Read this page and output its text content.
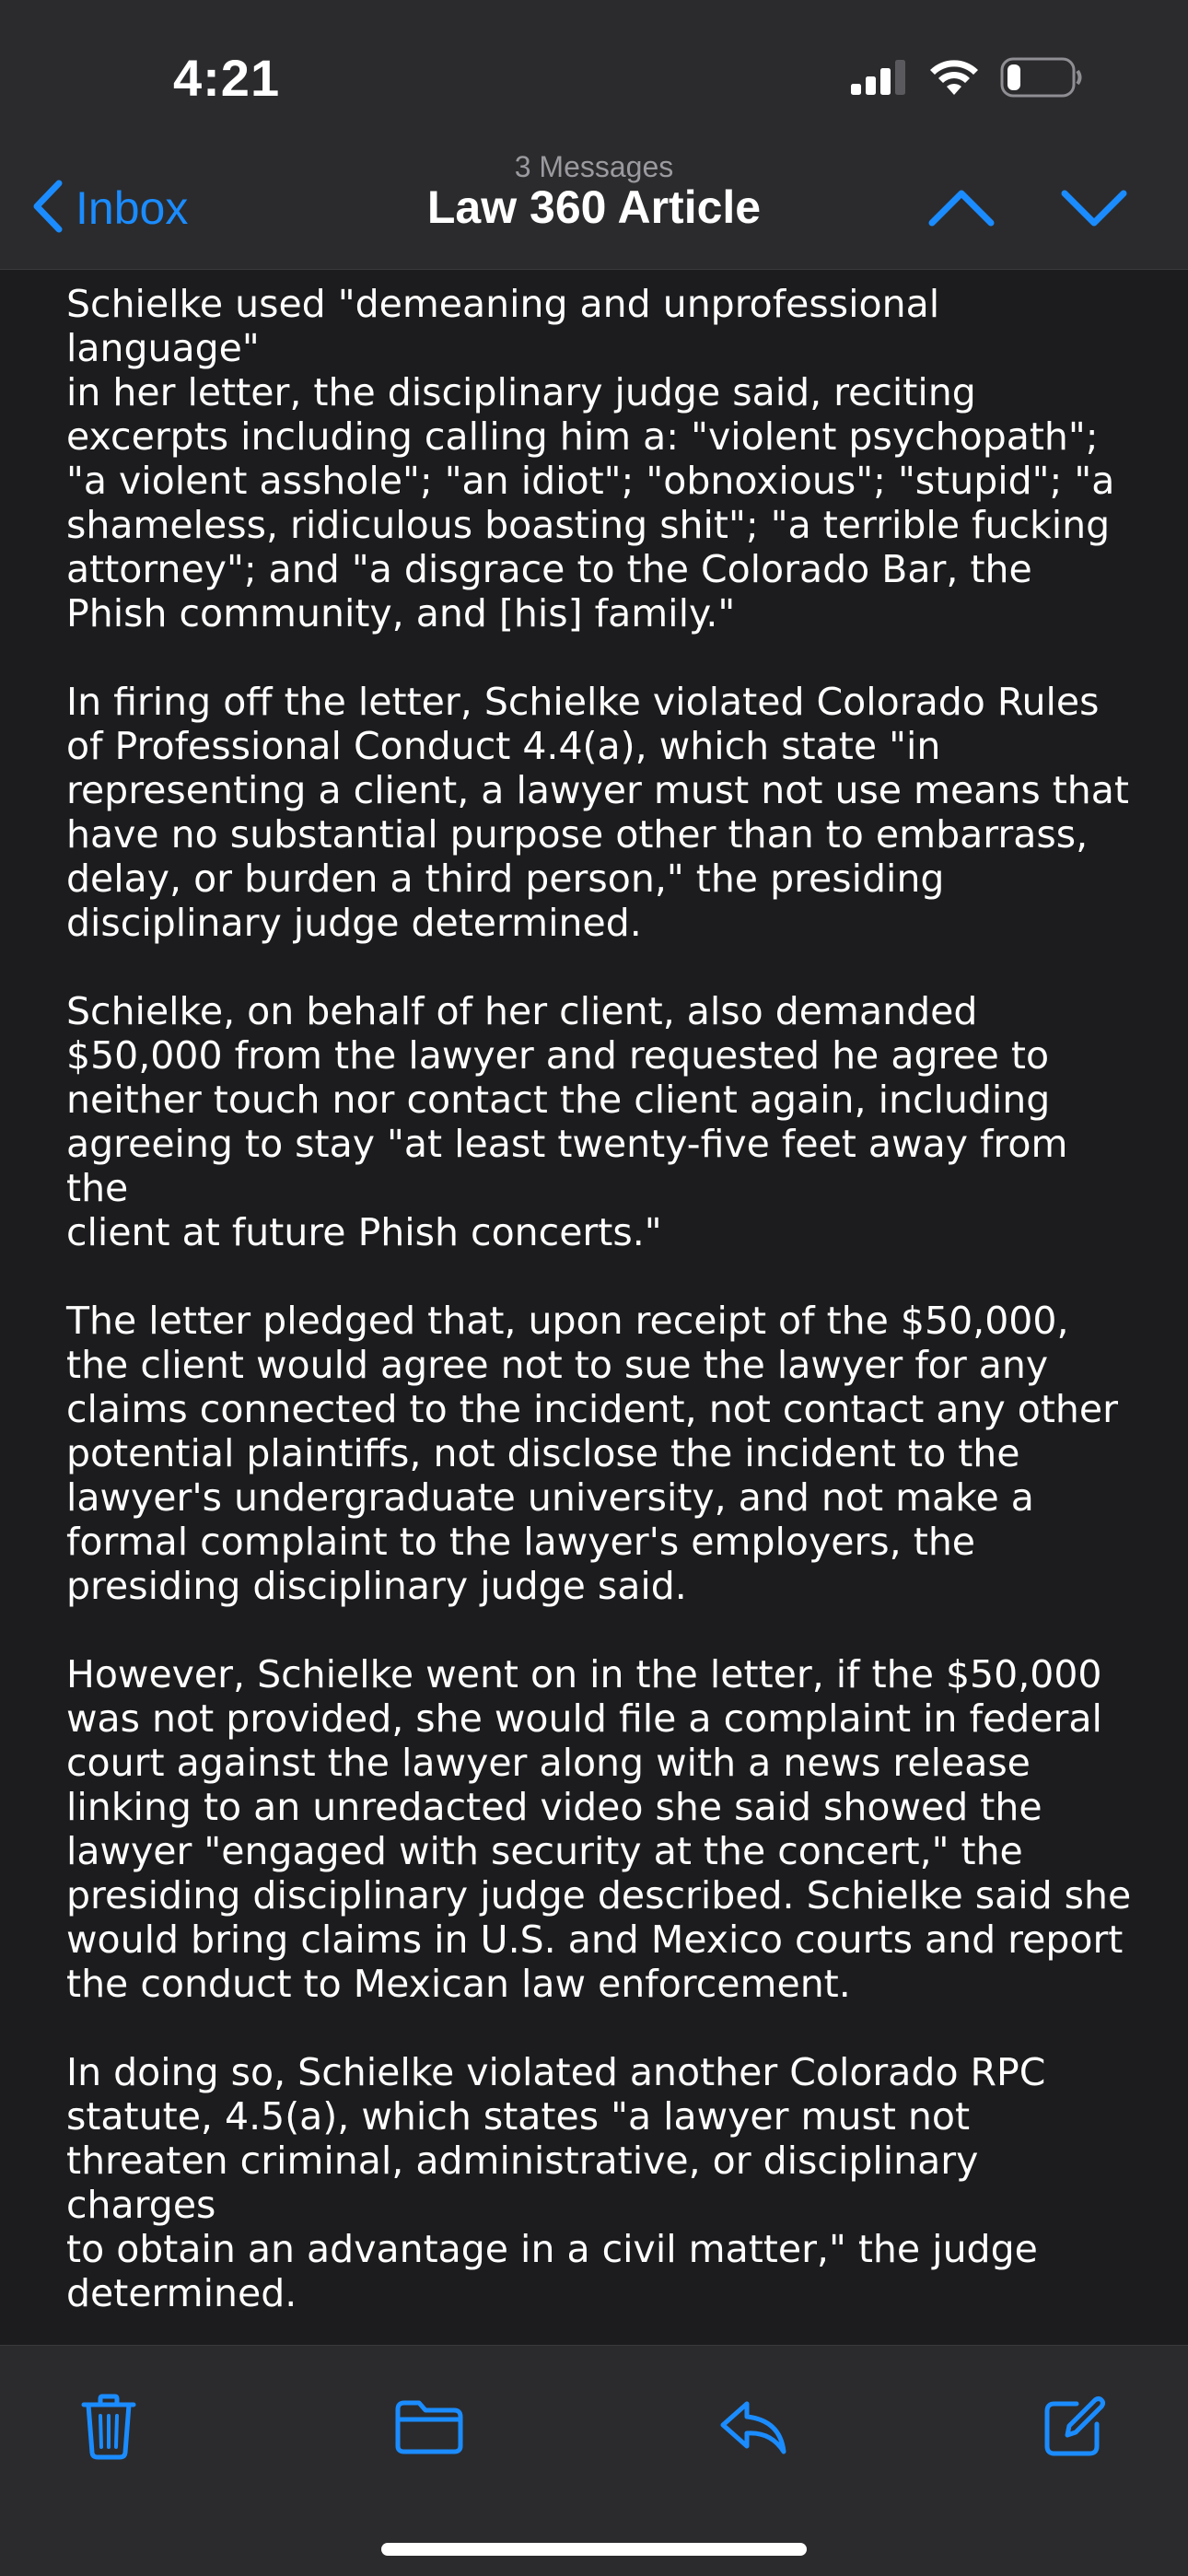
4:21
Inbox
3 Messages
Law 360 Article

Schielke used "demeaning and unprofessional language"
in her letter, the disciplinary judge said, reciting
excerpts including calling him a: "violent psychopath";
"a violent asshole"; "an idiot"; "obnoxious"; "stupid"; "a
shameless, ridiculous boasting shit"; "a terrible fucking
attorney"; and "a disgrace to the Colorado Bar, the
Phish community, and [his] family."

In firing off the letter, Schielke violated Colorado Rules
of Professional Conduct 4.4(a), which state "in
representing a client, a lawyer must not use means that
have no substantial purpose other than to embarrass,
delay, or burden a third person," the presiding
disciplinary judge determined.

Schielke, on behalf of her client, also demanded
$50,000 from the lawyer and requested he agree to
neither touch nor contact the client again, including
agreeing to stay "at least twenty-five feet away from the
client at future Phish concerts."

The letter pledged that, upon receipt of the $50,000,
the client would agree not to sue the lawyer for any
claims connected to the incident, not contact any other
potential plaintiffs, not disclose the incident to the
lawyer's undergraduate university, and not make a
formal complaint to the lawyer's employers, the
presiding disciplinary judge said.

However, Schielke went on in the letter, if the $50,000
was not provided, she would file a complaint in federal
court against the lawyer along with a news release
linking to an unredacted video she said showed the
lawyer "engaged with security at the concert," the
presiding disciplinary judge described. Schielke said she
would bring claims in U.S. and Mexico courts and report
the conduct to Mexican law enforcement.

In doing so, Schielke violated another Colorado RPC
statute, 4.5(a), which states "a lawyer must not
threaten criminal, administrative, or disciplinary charges
to obtain an advantage in a civil matter," the judge
determined.
